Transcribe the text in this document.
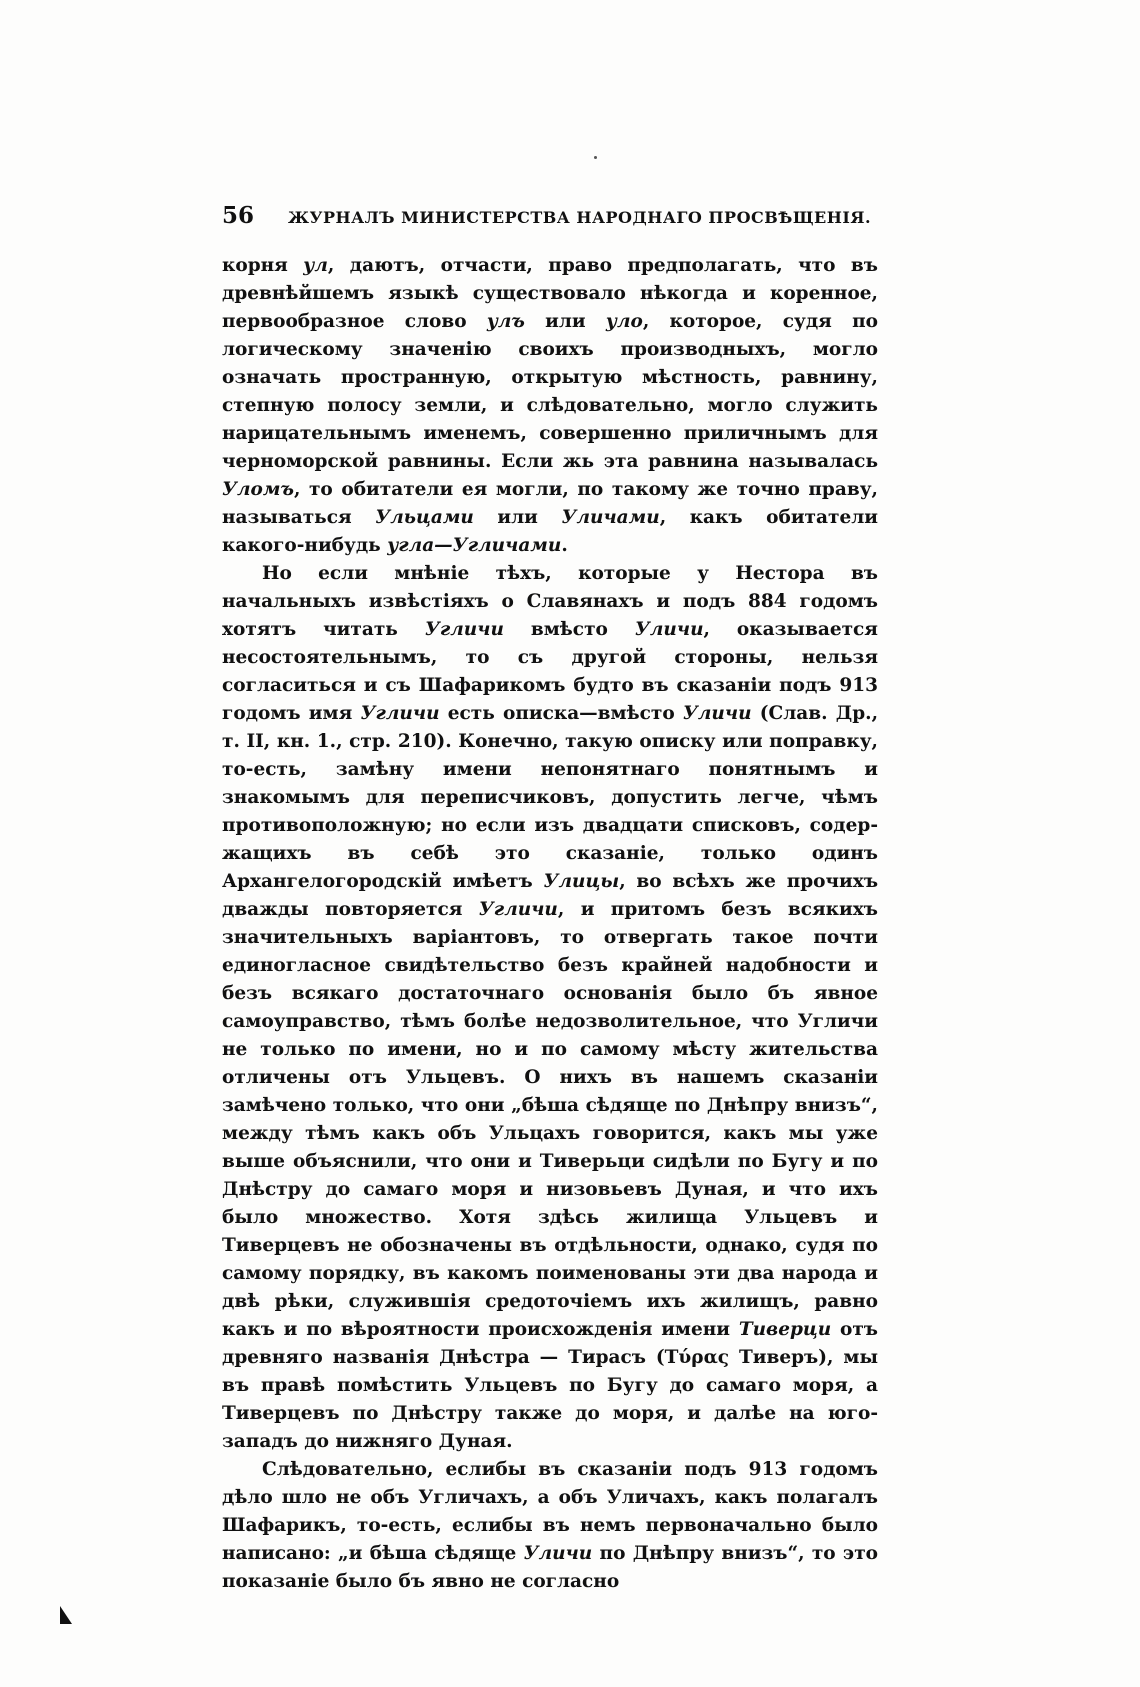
56	ЖУРНАЛЪ МИНИСТЕРСТВА НАРОДНАГО ПРОСВѢЩЕНІЯ.

корня ул, даютъ, отчасти, право предполагать, что въ древнѣйшемъ языкѣ существовало нѣкогда и коренное, первообразное слово улъ или уло, которое, судя по логическому значенію своихъ производныхъ, могло означать пространную, открытую мѣстность, равнину, степную полосу земли, и слѣдовательно, могло служить нарицательнымъ именемъ, совершенно приличнымъ для черноморской равнины. Если жь эта равнина называлась Уломъ, то обитатели ея могли, по такому же точно праву, называться Ульцами или Уличами, какъ обитатели какого-нибудь угла—Угличами.

Но если мнѣніе тѣхъ, которые у Нестора въ начальныхъ извѣстіяхъ о Славянахъ и подъ 884 годомъ хотятъ читать Угличи вмѣсто Уличи, оказывается несостоятельнымъ, то съ другой стороны, нельзя согласиться и съ Шафарикомъ будто въ сказаніи подъ 913 годомъ имя Угличи есть описка—вмѣсто Уличи (Слав. Др., т. II, кн. 1., стр. 210). Конечно, такую описку или поправку, то-есть, замѣну имени непонятнаго понятнымъ и знакомымъ для переписчиковъ, допустить легче, чѣмъ противоположную; но если изъ двадцати списковъ, содержащихъ въ себѣ это сказаніе, только одинъ Архангелогородскій имѣетъ Улицы, во всѣхъ же прочихъ дважды повторяется Угличи, и притомъ безъ всякихъ значительныхъ варіантовъ, то отвергать такое почти единогласное свидѣтельство безъ крайней надобности и безъ всякаго достаточнаго основанія было бъ явное самоуправство, тѣмъ болѣе недозволительное, что Угличи не только по имени, но и по самому мѣсту жительства отличены отъ Ульцевъ. О нихъ въ нашемъ сказаніи замѣчено только, что они „бѣша сѣдяще по Днѣпру внизъ“, между тѣмъ какъ объ Ульцахъ говорится, какъ мы уже выше объяснили, что они и Тиверьци сидѣли по Бугу и по Днѣстру до самаго моря и низовьевъ Дуная, и что ихъ было множество. Хотя здѣсь жилища Ульцевъ и Тиверцевъ не обозначены въ отдѣльности, однако, судя по самому порядку, въ какомъ поименованы эти два народа и двѣ рѣки, служившія средоточіемъ ихъ жилищъ, равно какъ и по вѣроятности происхожденія имени Тиверци отъ древняго названія Днѣстра — Тирасъ (Τύρας Тиверъ), мы въ правѣ помѣстить Ульцевъ по Бугу до самаго моря, а Тиверцевъ по Днѣстру также до моря, и далѣе на юго-западъ до нижняго Дуная.

Слѣдовательно, еслибы въ сказаніи подъ 913 годомъ дѣло шло не объ Угличахъ, а объ Уличахъ, какъ полагалъ Шафарикъ, то-есть, еслибы въ немъ первоначально было написано: „и бѣша сѣдяще Уличи по Днѣпру внизъ“, то это показаніе было бъ явно не согласно
